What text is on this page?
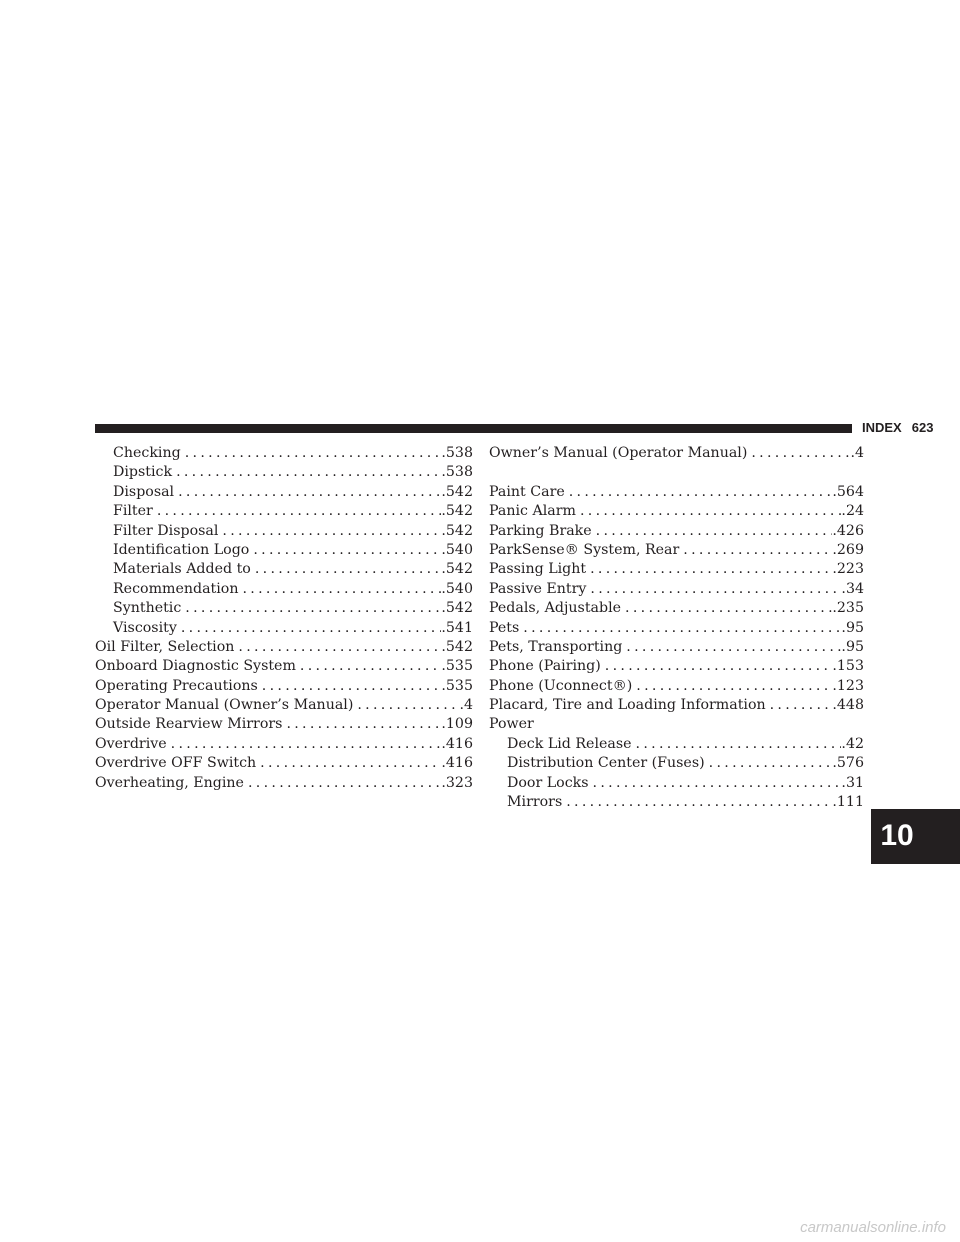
INDEX 623
Checking .....	.538
Dipstick .....	.538
Disposal .....	.542
Filter .....	.542
Filter Disposal .....	.542
Identification Logo .....	.540
Materials Added to .....	.542
Recommendation .....	.540
Synthetic .....	.542
Viscosity .....	.541
Oil Filter, Selection .....	.542
Onboard Diagnostic System .....	.535
Operating Precautions .....	.535
Operator Manual (Owner’s Manual) .....	.4
Outside Rearview Mirrors .....	.109
Overdrive .....	.416
Overdrive OFF Switch .....	.416
Overheating, Engine .....	.323
Owner’s Manual (Operator Manual) .....	.4
Paint Care .....	.564
Panic Alarm .....	.24
Parking Brake .....	.426
ParkSense® System, Rear .....	.269
Passing Light .....	.223
Passive Entry .....	.34
Pedals, Adjustable .....	.235
Pets .....	.95
Pets, Transporting .....	.95
Phone (Pairing) .....	.153
Phone (Uconnect®) .....	.123
Placard, Tire and Loading Information .....	.448
Power
Deck Lid Release .....	.42
Distribution Center (Fuses) .....	.576
Door Locks .....	.31
Mirrors .....	.111
10
carmanualsonline.info
